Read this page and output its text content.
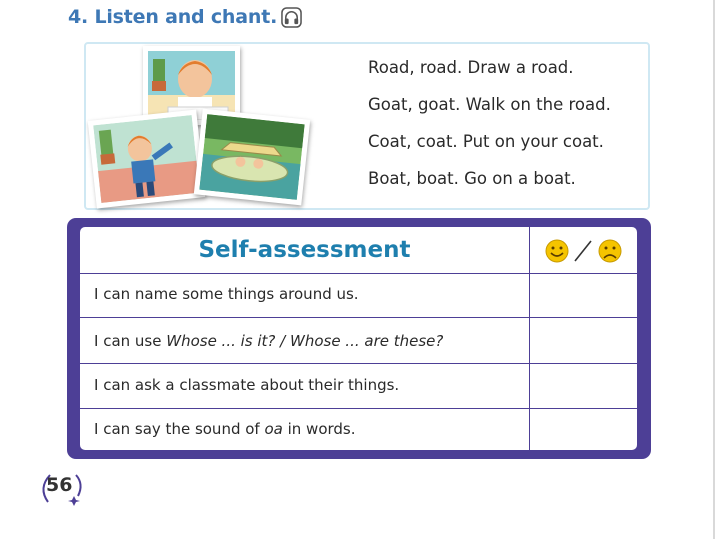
4. Listen and chant.
Road, road. Draw a road.
Goat, goat. Walk on the road.
Coat, coat. Put on your coat.
Boat, boat. Go on a boat.
Self-assessment
I can name some things around us.
I can use Whose ... is it? / Whose ... are these?
I can ask a classmate about their things.
I can say the sound of oa in words.
56
